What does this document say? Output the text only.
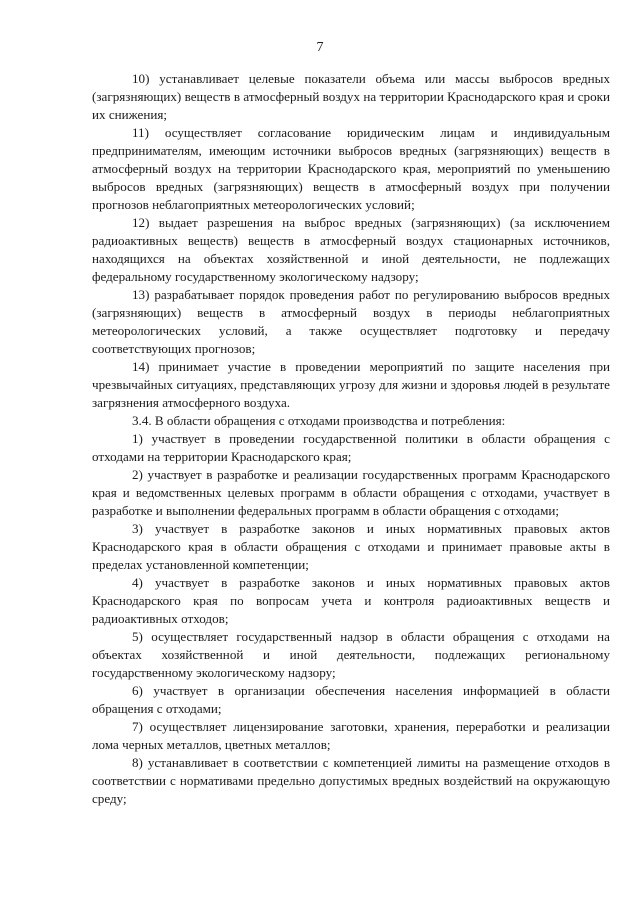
7

10) устанавливает целевые показатели объема или массы выбросов вредных (загрязняющих) веществ в атмосферный воздух на территории Краснодарского края и сроки их снижения;

11) осуществляет согласование юридическим лицам и индивидуальным предпринимателям, имеющим источники выбросов вредных (загрязняющих) веществ в атмосферный воздух на территории Краснодарского края, мероприятий по уменьшению выбросов вредных (загрязняющих) веществ в атмосферный воздух при получении прогнозов неблагоприятных метеорологических условий;

12) выдает разрешения на выброс вредных (загрязняющих) (за исключением радиоактивных веществ) веществ в атмосферный воздух стационарных источников, находящихся на объектах хозяйственной и иной деятельности, не подлежащих федеральному государственному экологическому надзору;

13) разрабатывает порядок проведения работ по регулированию выбросов вредных (загрязняющих) веществ в атмосферный воздух в периоды неблагоприятных метеорологических условий, а также осуществляет подготовку и передачу соответствующих прогнозов;

14) принимает участие в проведении мероприятий по защите населения при чрезвычайных ситуациях, представляющих угрозу для жизни и здоровья людей в результате загрязнения атмосферного воздуха.

3.4. В области обращения с отходами производства и потребления:

1) участвует в проведении государственной политики в области обращения с отходами на территории Краснодарского края;

2) участвует в разработке и реализации государственных программ Краснодарского края и ведомственных целевых программ в области обращения с отходами, участвует в разработке и выполнении федеральных программ в области обращения с отходами;

3) участвует в разработке законов и иных нормативных правовых актов Краснодарского края в области обращения с отходами и принимает правовые акты в пределах установленной компетенции;

4) участвует в разработке законов и иных нормативных правовых актов Краснодарского края по вопросам учета и контроля радиоактивных веществ и радиоактивных отходов;

5) осуществляет государственный надзор в области обращения с отходами на объектах хозяйственной и иной деятельности, подлежащих региональному государственному экологическому надзору;

6) участвует в организации обеспечения населения информацией в области обращения с отходами;

7) осуществляет лицензирование заготовки, хранения, переработки и реализации лома черных металлов, цветных металлов;

8) устанавливает в соответствии с компетенцией лимиты на размещение отходов в соответствии с нормативами предельно допустимых вредных воздействий на окружающую среду;
